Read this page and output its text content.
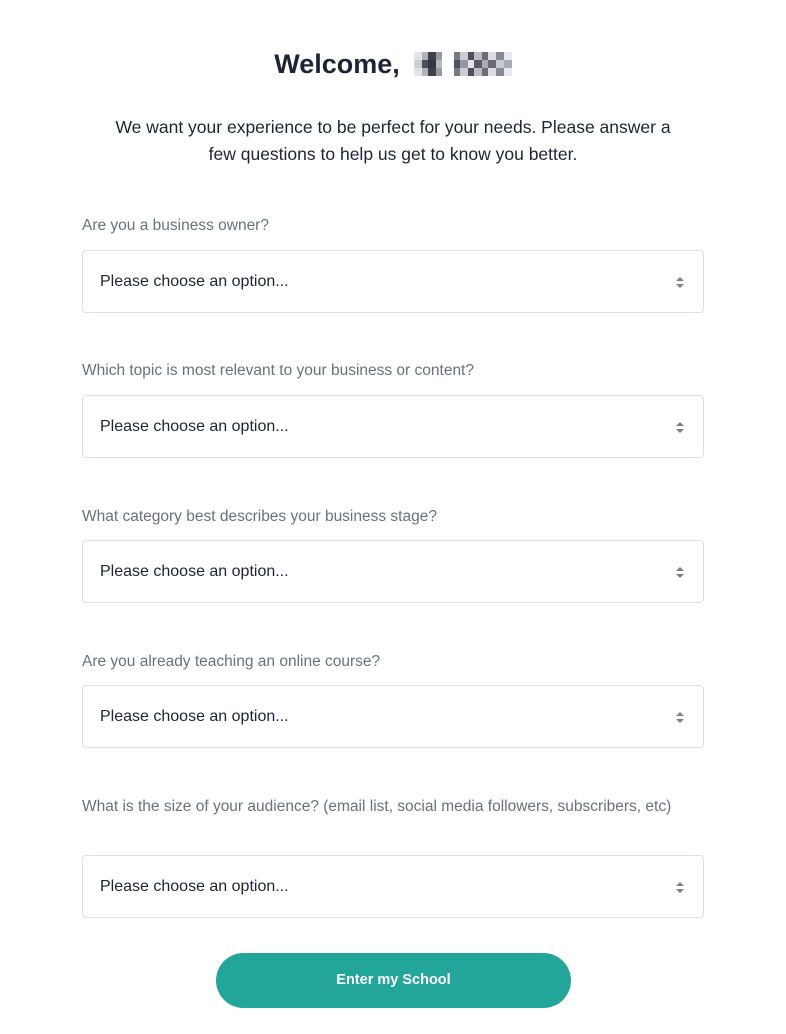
Welcome,
We want your experience to be perfect for your needs. Please answer a few questions to help us get to know you better.

Are you a business owner?

Please choose an option...

Which topic is most relevant to your business or content?

Please choose an option...

What category best describes your business stage?

Please choose an option...

Are you already teaching an online course?

Please choose an option...

What is the size of your audience? (email list, social media followers, subscribers, etc)

Please choose an option...
Enter my School
